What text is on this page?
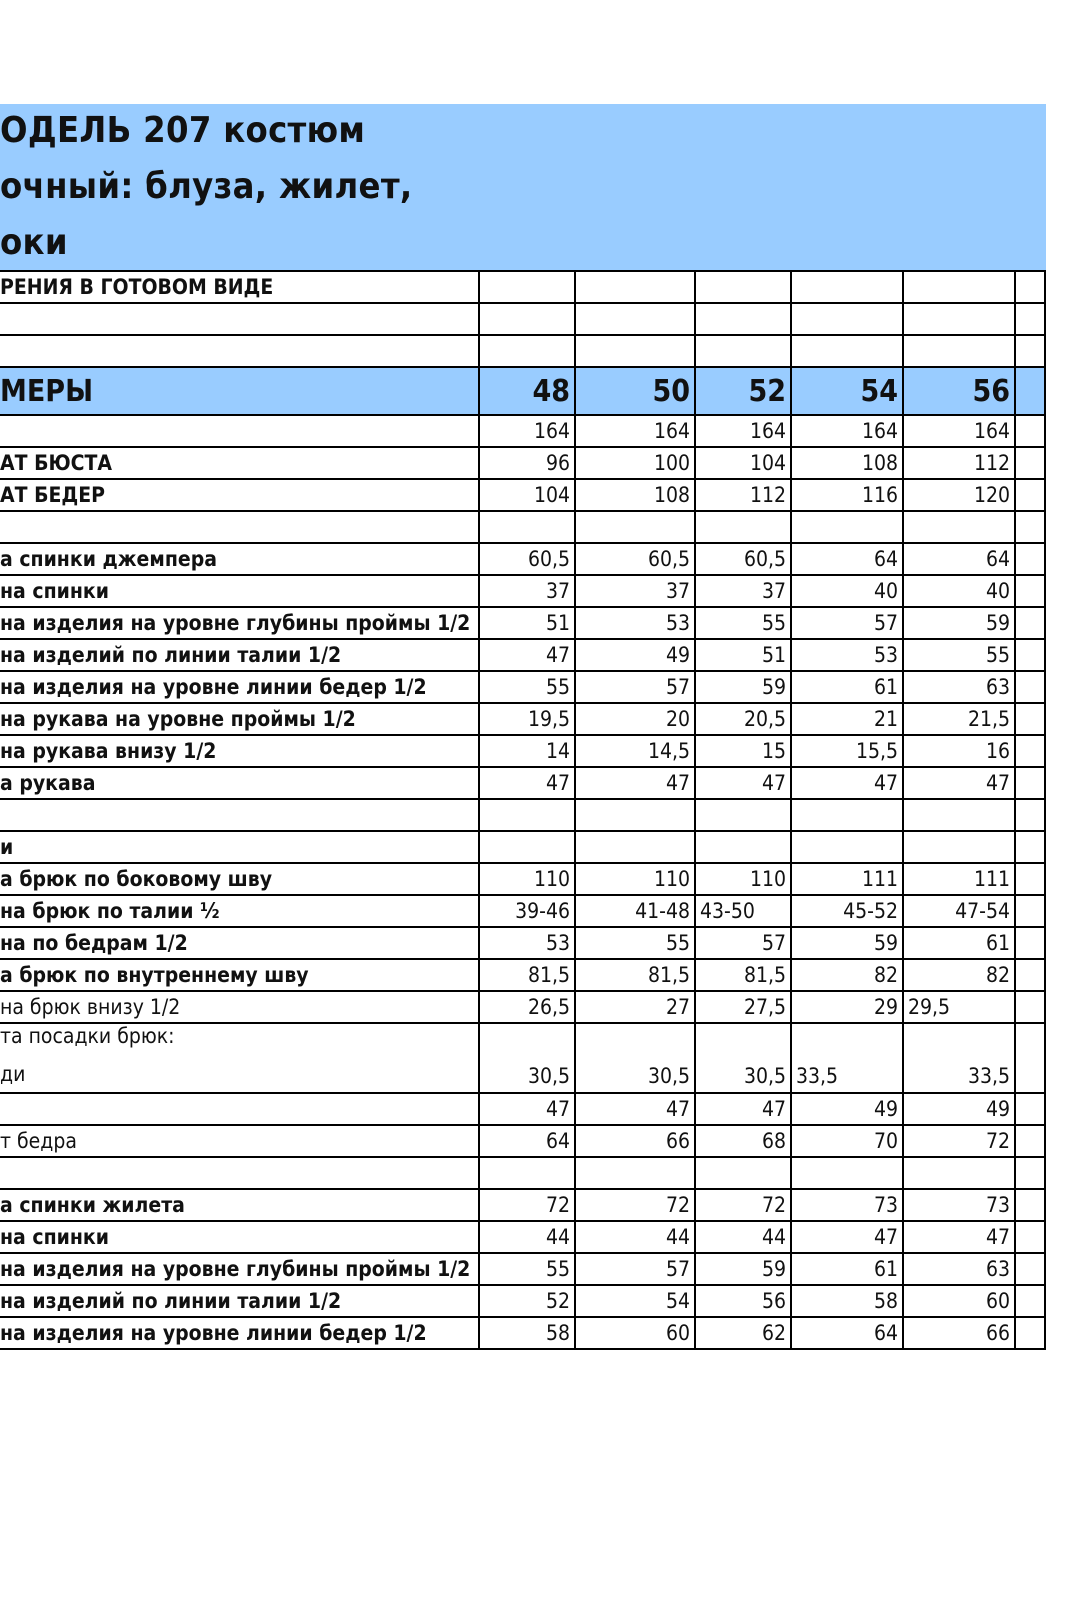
ОДЕЛЬ 207 костюм
очный: блуза, жилет,
оки
РЕНИЯ В ГОТОВОМ ВИДЕ						

МЕРЫ	48	50	52	54	56	
	164	164	164	164	164	
АТ БЮСТА	96	100	104	108	112	
АТ БЕДЕР	104	108	112	116	120	

а спинки джемпера	60,5	60,5	60,5	64	64	
на спинки	37	37	37	40	40	
на изделия на уровне глубины проймы 1/2	51	53	55	57	59	
на изделий по линии талии 1/2	47	49	51	53	55	
на изделия на уровне линии бедер 1/2	55	57	59	61	63	
на рукава на уровне проймы 1/2	19,5	20	20,5	21	21,5	
на рукава внизу 1/2	14	14,5	15	15,5	16	
а рукава	47	47	47	47	47	

и						
а брюк по боковому шву	110	110	110	111	111	
на брюк по талии ½	39-46	41-48	43-50	45-52	47-54	
на по бедрам 1/2	53	55	57	59	61	
а брюк по внутреннему шву	81,5	81,5	81,5	82	82	
на брюк внизу 1/2	26,5	27	27,5	29	29,5	

та посадки брюк:
ди	30,5	30,5	30,5	33,5	33,5	
	47	47	47	49	49	
т бедра	64	66	68	70	72	

а спинки жилета	72	72	72	73	73	
на спинки	44	44	44	47	47	
на изделия на уровне глубины проймы 1/2	55	57	59	61	63	
на изделий по линии талии 1/2	52	54	56	58	60	
на изделия на уровне линии бедер 1/2	58	60	62	64	66	
